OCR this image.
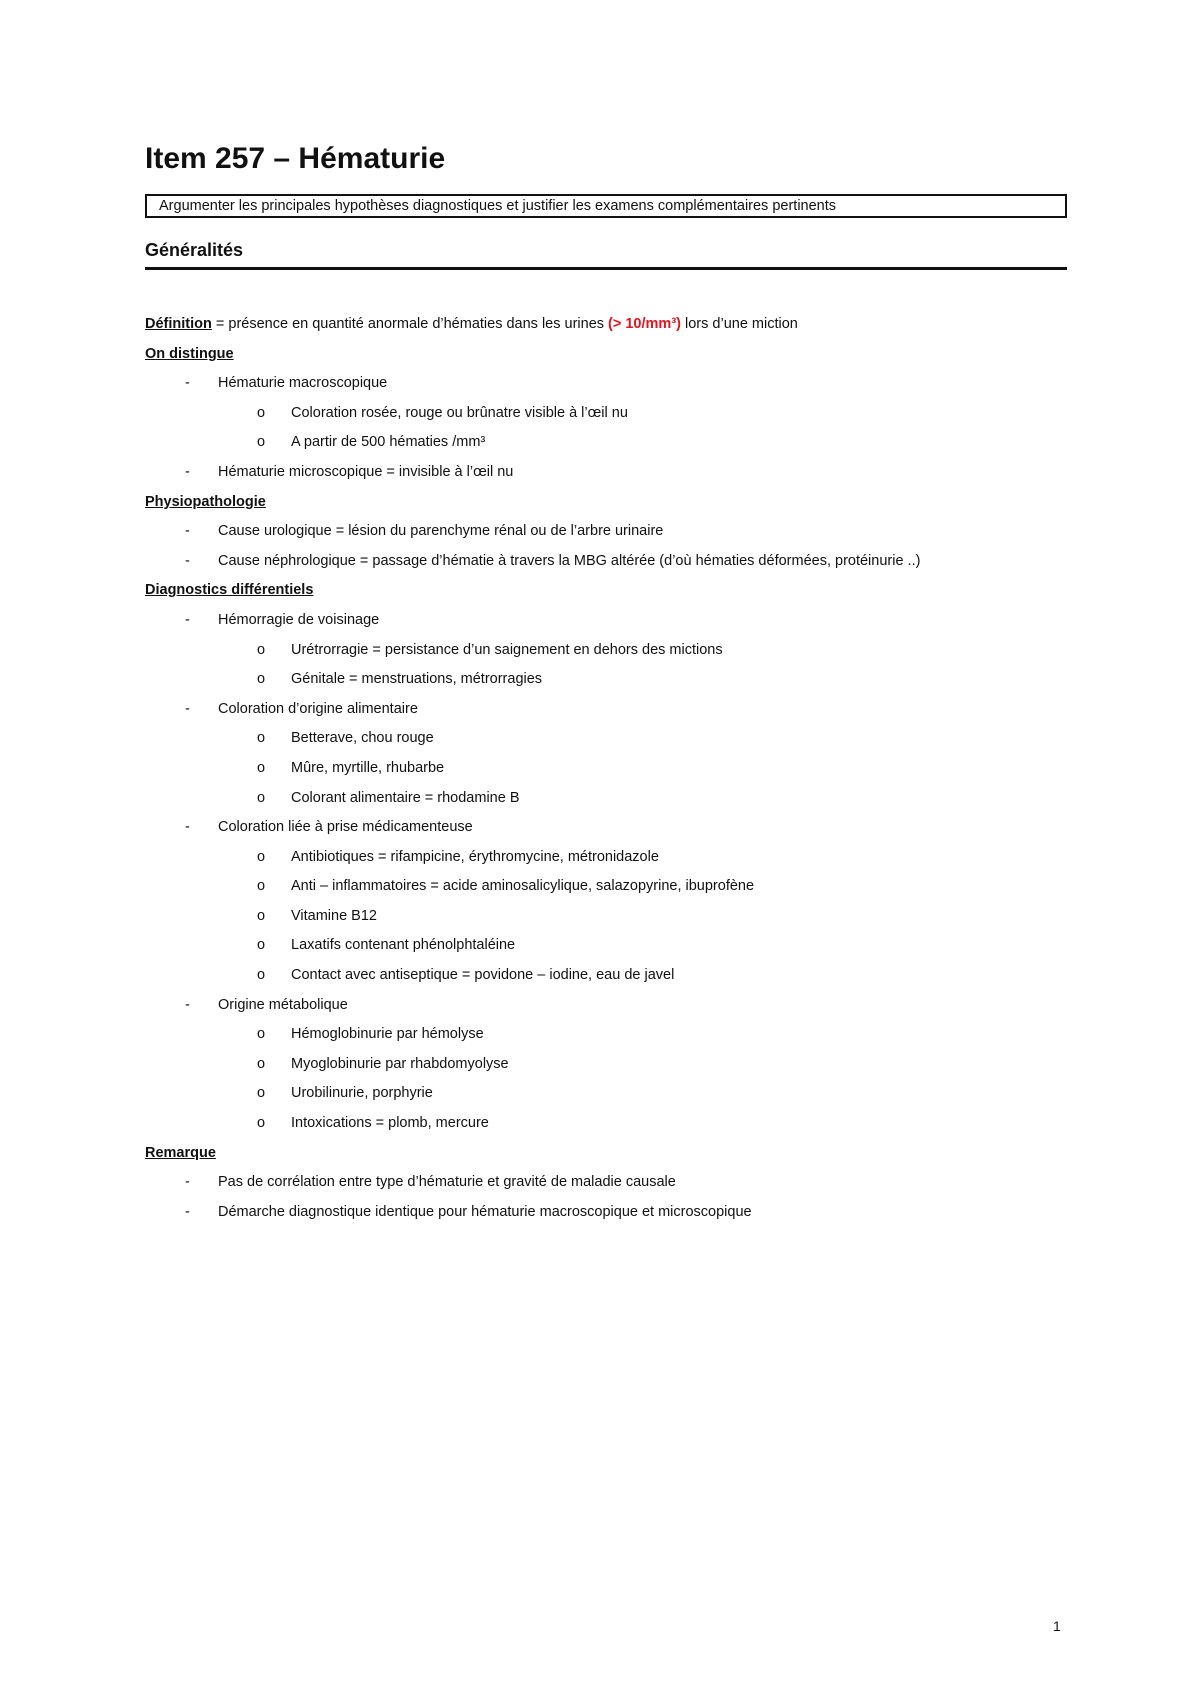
Item 257 – Hématurie
Argumenter les principales hypothèses diagnostiques et justifier les examens complémentaires pertinents
Généralités
Définition = présence en quantité anormale d’hématies dans les urines (> 10/mm³) lors d’une miction
On distingue
- Hématurie macroscopique
o Coloration rosée, rouge ou brûnatre visible à l’œil nu
o A partir de 500 hématies /mm³
- Hématurie microscopique = invisible à l’œil nu
Physiopathologie
- Cause urologique = lésion du parenchyme rénal ou de l’arbre urinaire
- Cause néphrologique = passage d’hématie à travers la MBG altérée (d’où hématies déformées, protéinurie ..)
Diagnostics différentiels
- Hémorragie de voisinage
o Urétrorragie = persistance d’un saignement en dehors des mictions
o Génitale = menstruations, métrorragies
- Coloration d’origine alimentaire
o Betterave, chou rouge
o Mûre, myrtille, rhubarbe
o Colorant alimentaire = rhodamine B
- Coloration liée à prise médicamenteuse
o Antibiotiques = rifampicine, érythromycine, métronidazole
o Anti – inflammatoires = acide aminosalicylique, salazopyrine, ibuprofène
o Vitamine B12
o Laxatifs contenant phénolphtaléine
o Contact avec antiseptique = povidone – iodine, eau de javel
- Origine métabolique
o Hémoglobinurie par hémolyse
o Myoglobinurie par rhabdomyolyse
o Urobilinurie, porphyrie
o Intoxications = plomb, mercure
Remarque
- Pas de corrélation entre type d’hématurie et gravité de maladie causale
- Démarche diagnostique identique pour hématurie macroscopique et microscopique
1
